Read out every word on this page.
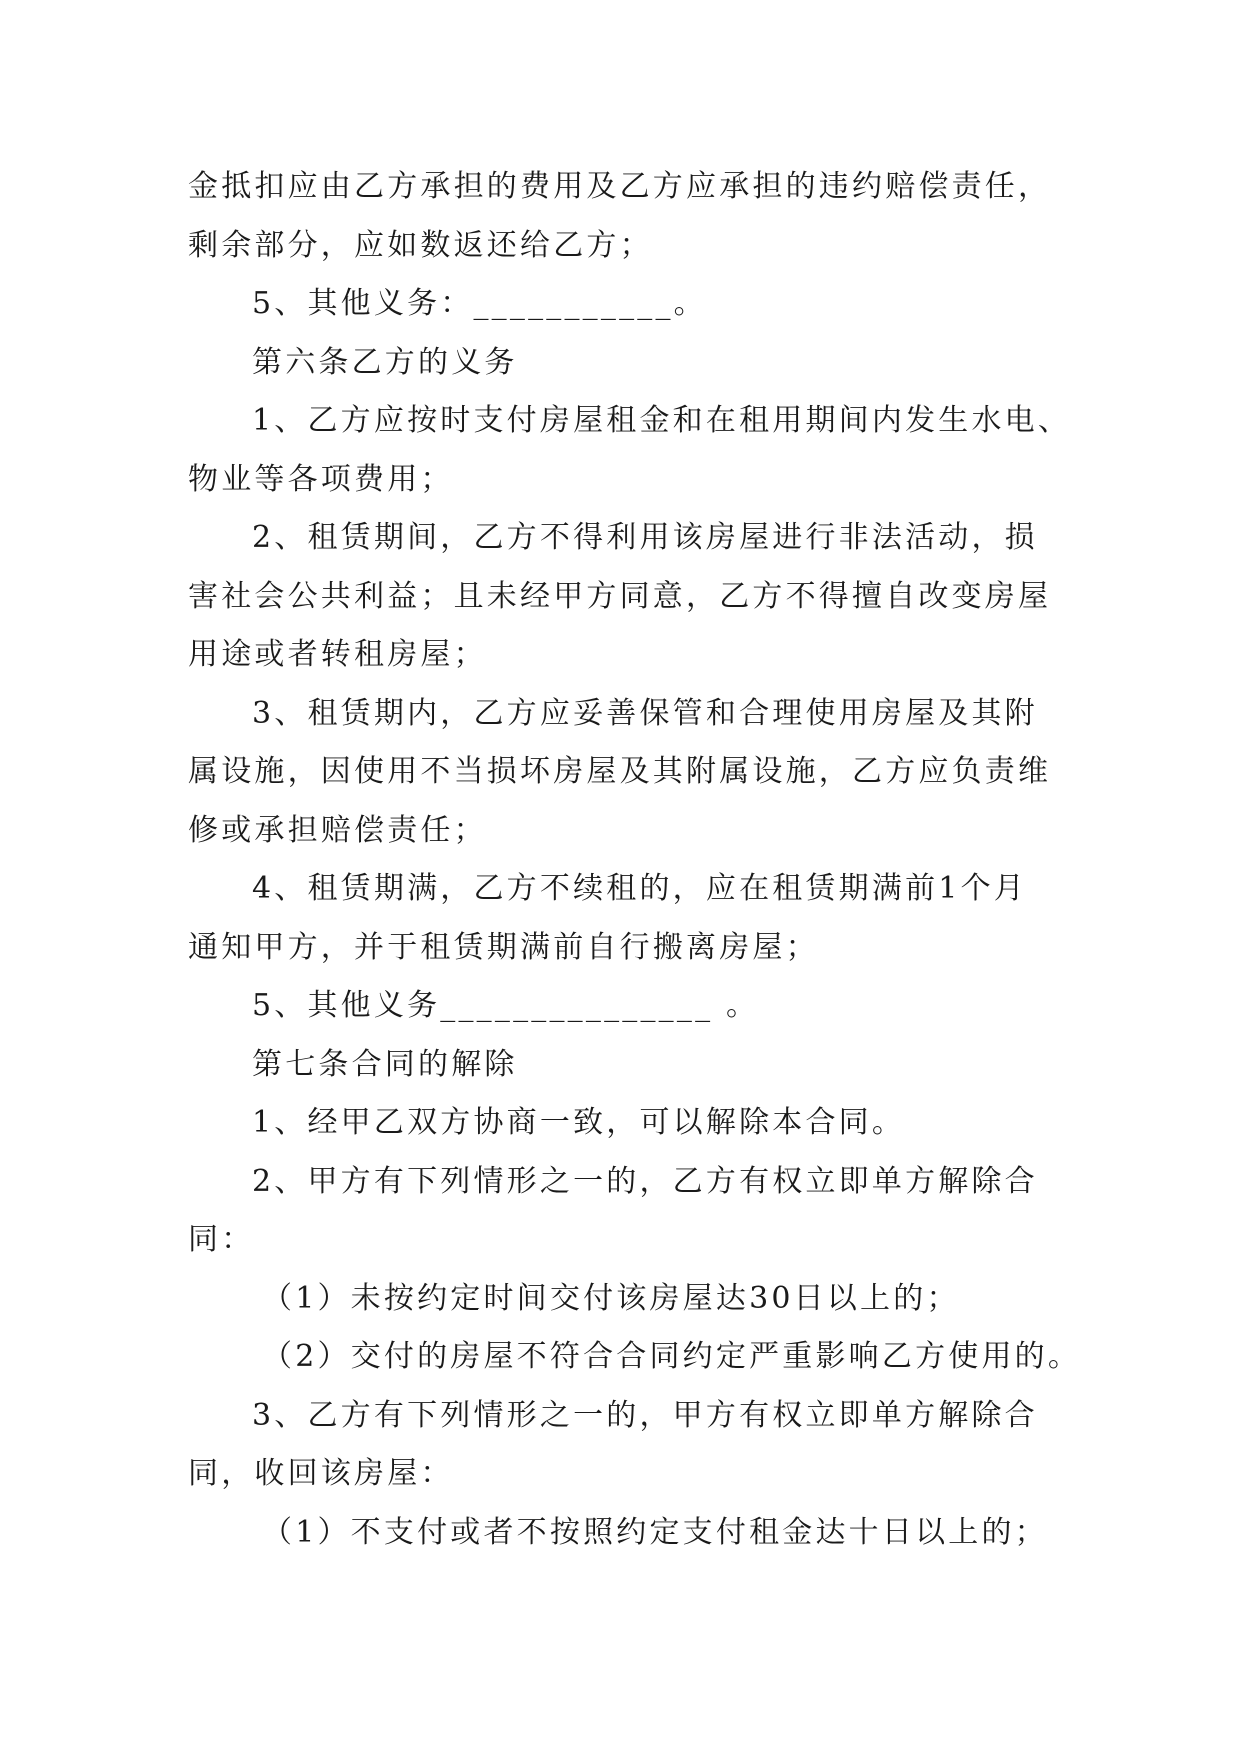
金抵扣应由乙方承担的费用及乙方应承担的违约赔偿责任，
剩余部分，应如数返还给乙方；
5、其他义务：___________。
第六条乙方的义务
1、乙方应按时支付房屋租金和在租用期间内发生水电、
物业等各项费用；
2、租赁期间，乙方不得利用该房屋进行非法活动，损
害社会公共利益；且未经甲方同意，乙方不得擅自改变房屋
用途或者转租房屋；
3、租赁期内，乙方应妥善保管和合理使用房屋及其附
属设施，因使用不当损坏房屋及其附属设施，乙方应负责维
修或承担赔偿责任；
4、租赁期满，乙方不续租的，应在租赁期满前1个月
通知甲方，并于租赁期满前自行搬离房屋；
5、其他义务_______________ 。
第七条合同的解除
1、经甲乙双方协商一致，可以解除本合同。
2、甲方有下列情形之一的，乙方有权立即单方解除合
同：
（1）未按约定时间交付该房屋达30日以上的；
（2）交付的房屋不符合合同约定严重影响乙方使用的。
3、乙方有下列情形之一的，甲方有权立即单方解除合
同，收回该房屋：
（1）不支付或者不按照约定支付租金达十日以上的；
